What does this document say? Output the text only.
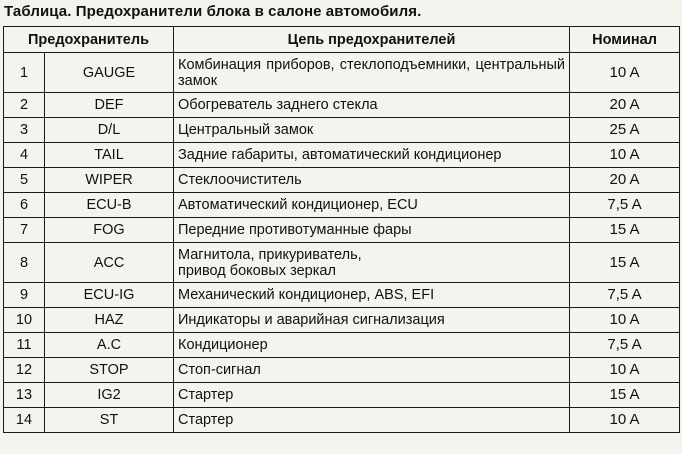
Таблица. Предохранители блока в салоне автомобиля.
Предохранитель		Цепь предохранителей	Номинал
1	GAUGE	Комбинация приборов, стеклоподъемники, центральный замок	10 A
2	DEF	Обогреватель заднего стекла	20 A
3	D/L	Центральный замок	25 A
4	TAIL	Задние габариты, автоматический кондиционер	10 A
5	WIPER	Стеклоочиститель	20 A
6	ECU-B	Автоматический кондиционер, ECU	7,5 A
7	FOG	Передние противотуманные фары	15 A
8	ACC	Магнитола, прикуриватель, привод боковых зеркал	15 A
9	ECU-IG	Механический кондиционер, ABS, EFI	7,5 A
10	HAZ	Индикаторы и аварийная сигнализация	10 A
11	A.C	Кондиционер	7,5 A
12	STOP	Стоп-сигнал	10 A
13	IG2	Стартер	15 A
14	ST	Стартер	10 A
